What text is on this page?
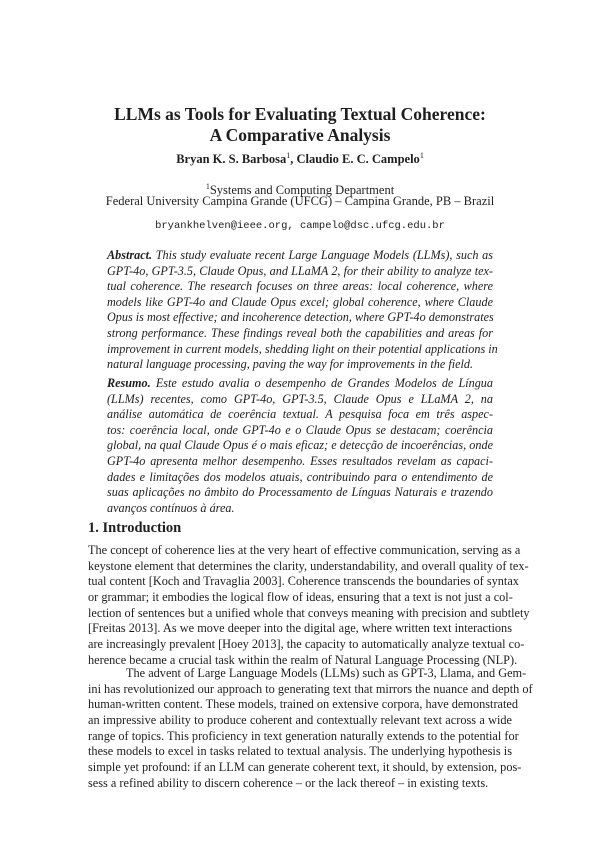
LLMs as Tools for Evaluating Textual Coherence:
A Comparative Analysis
Bryan K. S. Barbosa$^1$, Claudio E. C. Campelo$^1$
$^1$Systems and Computing Department
Federal University Campina Grande (UFCG) – Campina Grande, PB – Brazil
bryankhelven@ieee.org, campelo@dsc.ufcg.edu.br
Abstract. This study evaluate recent Large Language Models (LLMs), such as
GPT-4o, GPT-3.5, Claude Opus, and LLaMA 2, for their ability to analyze tex-
tual coherence. The research focuses on three areas: local coherence, where
models like GPT-4o and Claude Opus excel; global coherence, where Claude
Opus is most effective; and incoherence detection, where GPT-4o demonstrates
strong performance. These findings reveal both the capabilities and areas for
improvement in current models, shedding light on their potential applications in
natural language processing, paving the way for improvements in the field.
Resumo. Este estudo avalia o desempenho de Grandes Modelos de Língua
(LLMs) recentes, como GPT-4o, GPT-3.5, Claude Opus e LLaMA 2, na
análise automática de coerência textual. A pesquisa foca em três aspec-
tos: coerência local, onde GPT-4o e o Claude Opus se destacam; coerência
global, na qual Claude Opus é o mais eficaz; e detecção de incoerências, onde
GPT-4o apresenta melhor desempenho. Esses resultados revelam as capaci-
dades e limitações dos modelos atuais, contribuindo para o entendimento de
suas aplicações no âmbito do Processamento de Línguas Naturais e trazendo
avanços contínuos à área.
1. Introduction
The concept of coherence lies at the very heart of effective communication, serving as a
keystone element that determines the clarity, understandability, and overall quality of tex-
tual content [Koch and Travaglia 2003]. Coherence transcends the boundaries of syntax
or grammar; it embodies the logical flow of ideas, ensuring that a text is not just a col-
lection of sentences but a unified whole that conveys meaning with precision and subtlety
[Freitas 2013]. As we move deeper into the digital age, where written text interactions
are increasingly prevalent [Hoey 2013], the capacity to automatically analyze textual co-
herence became a crucial task within the realm of Natural Language Processing (NLP).
The advent of Large Language Models (LLMs) such as GPT-3, Llama, and Gem-
ini has revolutionized our approach to generating text that mirrors the nuance and depth of
human-written content. These models, trained on extensive corpora, have demonstrated
an impressive ability to produce coherent and contextually relevant text across a wide
range of topics. This proficiency in text generation naturally extends to the potential for
these models to excel in tasks related to textual analysis. The underlying hypothesis is
simple yet profound: if an LLM can generate coherent text, it should, by extension, pos-
sess a refined ability to discern coherence – or the lack thereof – in existing texts.
